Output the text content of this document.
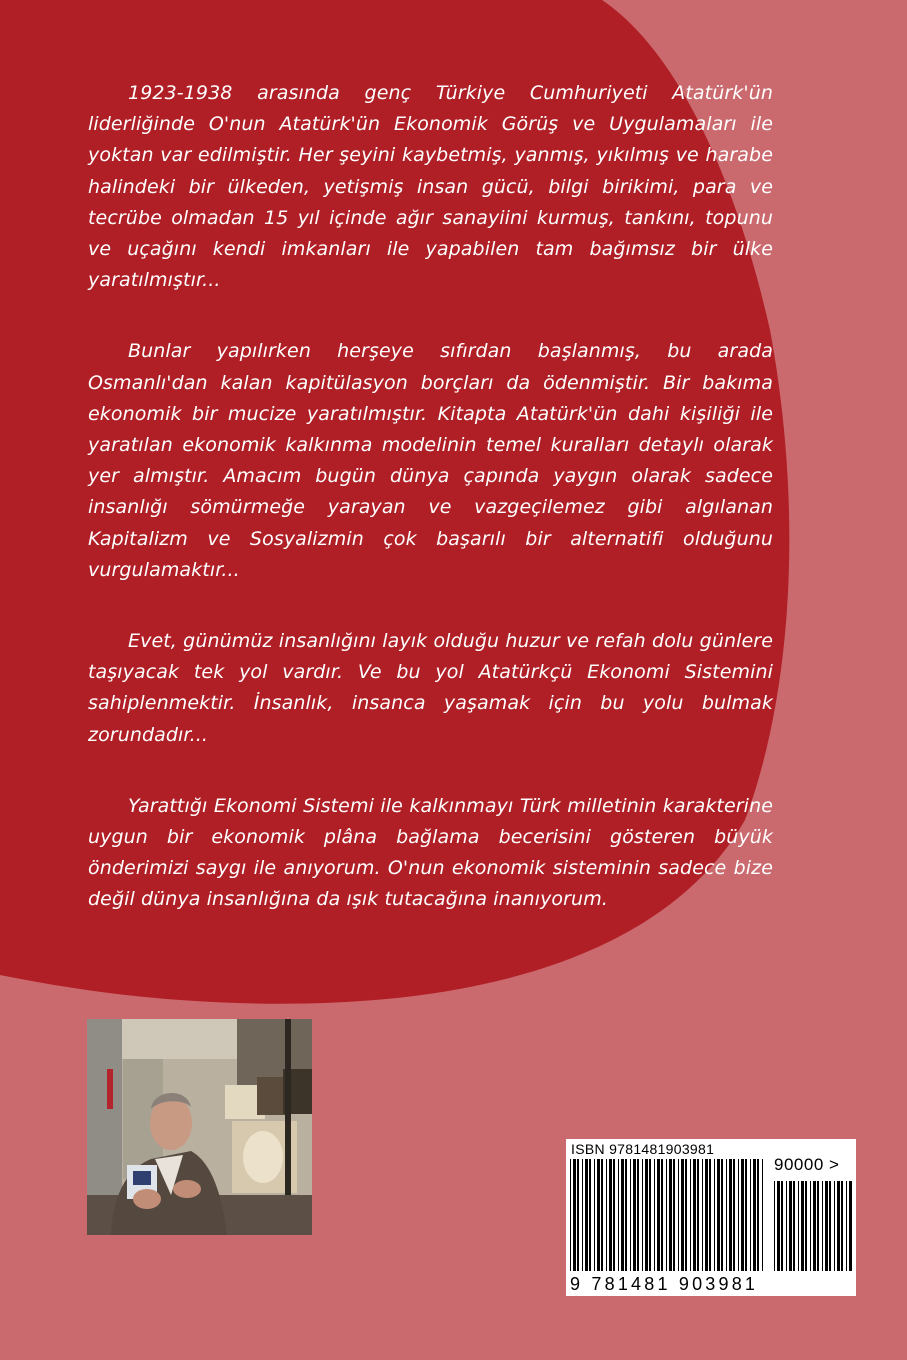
1923-1938 arasında genç Türkiye Cumhuriyeti Atatürk'ün liderliğinde O'nun Atatürk'ün Ekonomik Görüş ve Uygulamaları ile yoktan var edilmiştir. Her şeyini kaybetmiş, yanmış, yıkılmış ve harabe halindeki bir ülkeden, yetişmiş insan gücü, bilgi birikimi, para ve tecrübe olmadan 15 yıl içinde ağır sanayiini kurmuş, tankını, topunu ve uçağını kendi imkanları ile yapabilen tam bağımsız bir ülke yaratılmıştır...

Bunlar yapılırken herşeye sıfırdan başlanmış, bu arada Osmanlı'dan kalan kapitülasyon borçları da ödenmiştir. Bir bakıma ekonomik bir mucize yaratılmıştır. Kitapta Atatürk'ün dahi kişiliği ile yaratılan ekonomik kalkınma modelinin temel kuralları detaylı olarak yer almıştır. Amacım bugün dünya çapında yaygın olarak sadece insanlığı sömürmeğe yarayan ve vazgeçilemez gibi algılanan Kapitalizm ve Sosyalizmin çok başarılı bir alternatifi olduğunu vurgulamaktır...

Evet, günümüz insanlığını layık olduğu huzur ve refah dolu günlere taşıyacak tek yol vardır. Ve bu yol Atatürkçü Ekonomi Sistemini sahiplenmektir. İnsanlık, insanca yaşamak için bu yolu bulmak zorundadır...

Yarattığı Ekonomi Sistemi ile kalkınmayı Türk milletinin karakterine uygun bir ekonomik plâna bağlama becerisini gösteren büyük önderimizi saygı ile anıyorum. O'nun ekonomik sisteminin sadece bize değil dünya insanlığına da ışık tutacağına inanıyorum.

ISBN 9781481903981
90000 >
9 781481 903981
